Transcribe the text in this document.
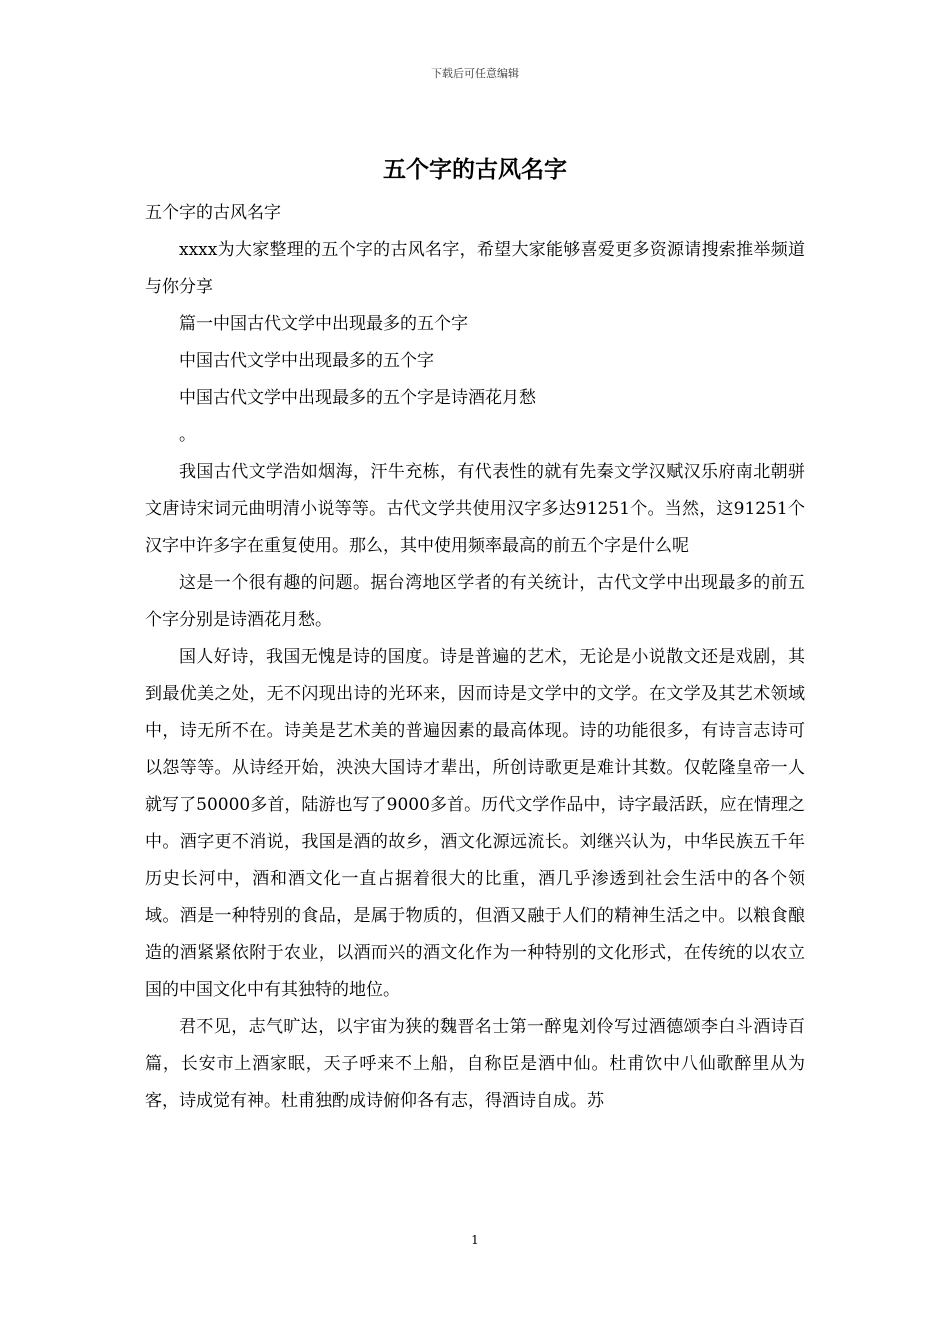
下载后可任意编辑
五个字的古风名字

五个字的古风名字

xxxx为大家整理的五个字的古风名字，希望大家能够喜爱更多资源请搜索推举频道与你分享

篇一中国古代文学中出现最多的五个字

中国古代文学中出现最多的五个字

中国古代文学中出现最多的五个字是诗酒花月愁

。

我国古代文学浩如烟海，汗牛充栋，有代表性的就有先秦文学汉赋汉乐府南北朝骈文唐诗宋词元曲明清小说等等。古代文学共使用汉字多达91251个。当然，这91251个汉字中许多字在重复使用。那么，其中使用频率最高的前五个字是什么呢

这是一个很有趣的问题。据台湾地区学者的有关统计，古代文学中出现最多的前五个字分别是诗酒花月愁。

国人好诗，我国无愧是诗的国度。诗是普遍的艺术，无论是小说散文还是戏剧，其到最优美之处，无不闪现出诗的光环来，因而诗是文学中的文学。在文学及其艺术领域中，诗无所不在。诗美是艺术美的普遍因素的最高体现。诗的功能很多，有诗言志诗可以怨等等。从诗经开始，泱泱大国诗才辈出，所创诗歌更是难计其数。仅乾隆皇帝一人就写了50000多首，陆游也写了9000多首。历代文学作品中，诗字最活跃，应在情理之中。酒字更不消说，我国是酒的故乡，酒文化源远流长。刘继兴认为，中华民族五千年历史长河中，酒和酒文化一直占据着很大的比重，酒几乎渗透到社会生活中的各个领域。酒是一种特别的食品，是属于物质的，但酒又融于人们的精神生活之中。以粮食酿造的酒紧紧依附于农业，以酒而兴的酒文化作为一种特别的文化形式，在传统的以农立国的中国文化中有其独特的地位。

君不见，志气旷达，以宇宙为狭的魏晋名士第一醉鬼刘伶写过酒德颂李白斗酒诗百篇，长安市上酒家眠，天子呼来不上船，自称臣是酒中仙。杜甫饮中八仙歌醉里从为客，诗成觉有神。杜甫独酌成诗俯仰各有志，得酒诗自成。苏

1
